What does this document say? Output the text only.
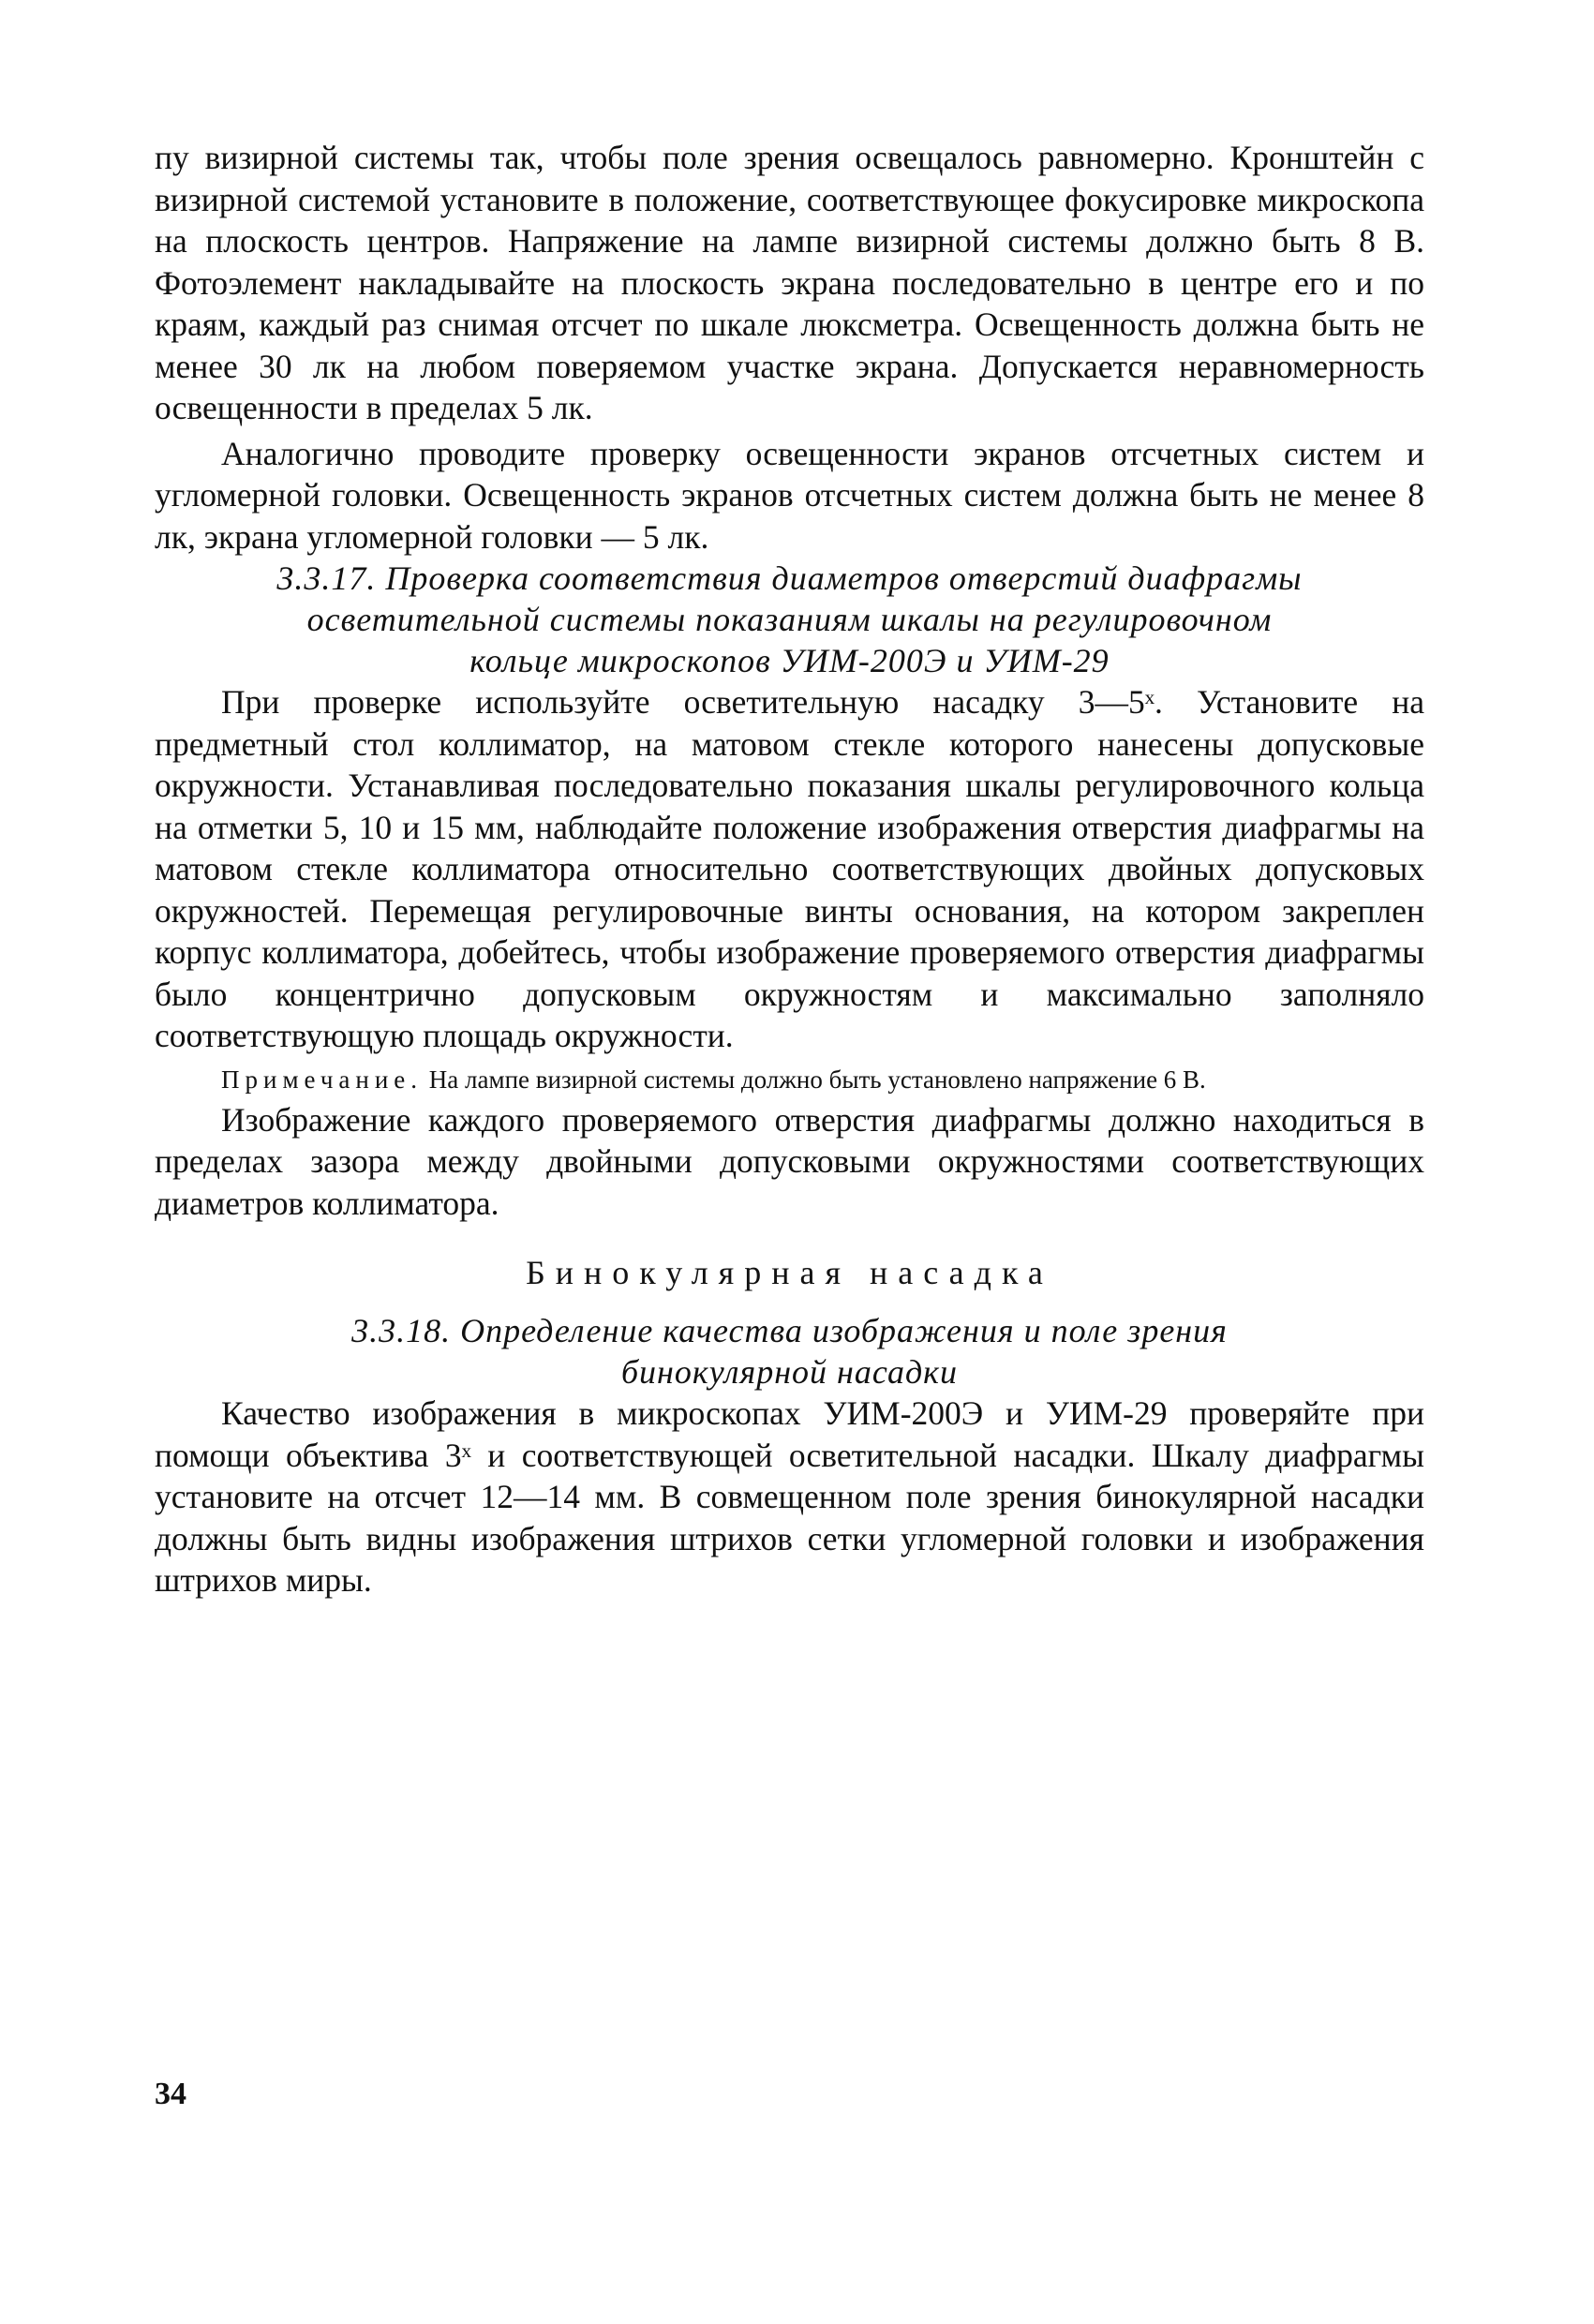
пу визирной системы так, чтобы поле зрения освещалось равномерно. Кронштейн с визирной системой установите в положение, соответствующее фокусировке микроскопа на плоскость центров. Напряжение на лампе визирной системы должно быть 8 В. Фотоэлемент накладывайте на плоскость экрана последовательно в центре его и по краям, каждый раз снимая отсчет по шкале люксметра. Освещенность должна быть не менее 30 лк на любом поверяемом участке экрана. Допускается неравномерность освещенности в пределах 5 лк.

Аналогично проводите проверку освещенности экранов отсчетных систем и угломерной головки. Освещенность экранов отсчетных систем должна быть не менее 8 лк, экрана угломерной головки — 5 лк.

3.3.17. Проверка соответствия диаметров отверстий диафрагмы
осветительной системы показаниям шкалы на регулировочном
кольце микроскопов УИМ-200Э и УИМ-29

При проверке используйте осветительную насадку 3—5ˣ. Установите на предметный стол коллиматор, на матовом стекле которого нанесены допусковые окружности. Устанавливая последовательно показания шкалы регулировочного кольца на отметки 5, 10 и 15 мм, наблюдайте положение изображения отверстия диафрагмы на матовом стекле коллиматора относительно соответствующих двойных допусковых окружностей. Перемещая регулировочные винты основания, на котором закреплен корпус коллиматора, добейтесь, чтобы изображение проверяемого отверстия диафрагмы было концентрично допусковым окружностям и максимально заполняло соответствующую площадь окружности.

Примечание. На лампе визирной системы должно быть установлено напряжение 6 В.

Изображение каждого проверяемого отверстия диафрагмы должно находиться в пределах зазора между двойными допусковыми окружностями соответствующих диаметров коллиматора.

Бинокулярная насадка
3.3.18. Определение качества изображения и поле зрения
бинокулярной насадки

Качество изображения в микроскопах УИМ-200Э и УИМ-29 проверяйте при помощи объектива 3ˣ и соответствующей осветительной насадки. Шкалу диафрагмы установите на отсчет 12—14 мм. В совмещенном поле зрения бинокулярной насадки должны быть видны изображения штрихов сетки угломерной головки и изображения штрихов миры.

34
